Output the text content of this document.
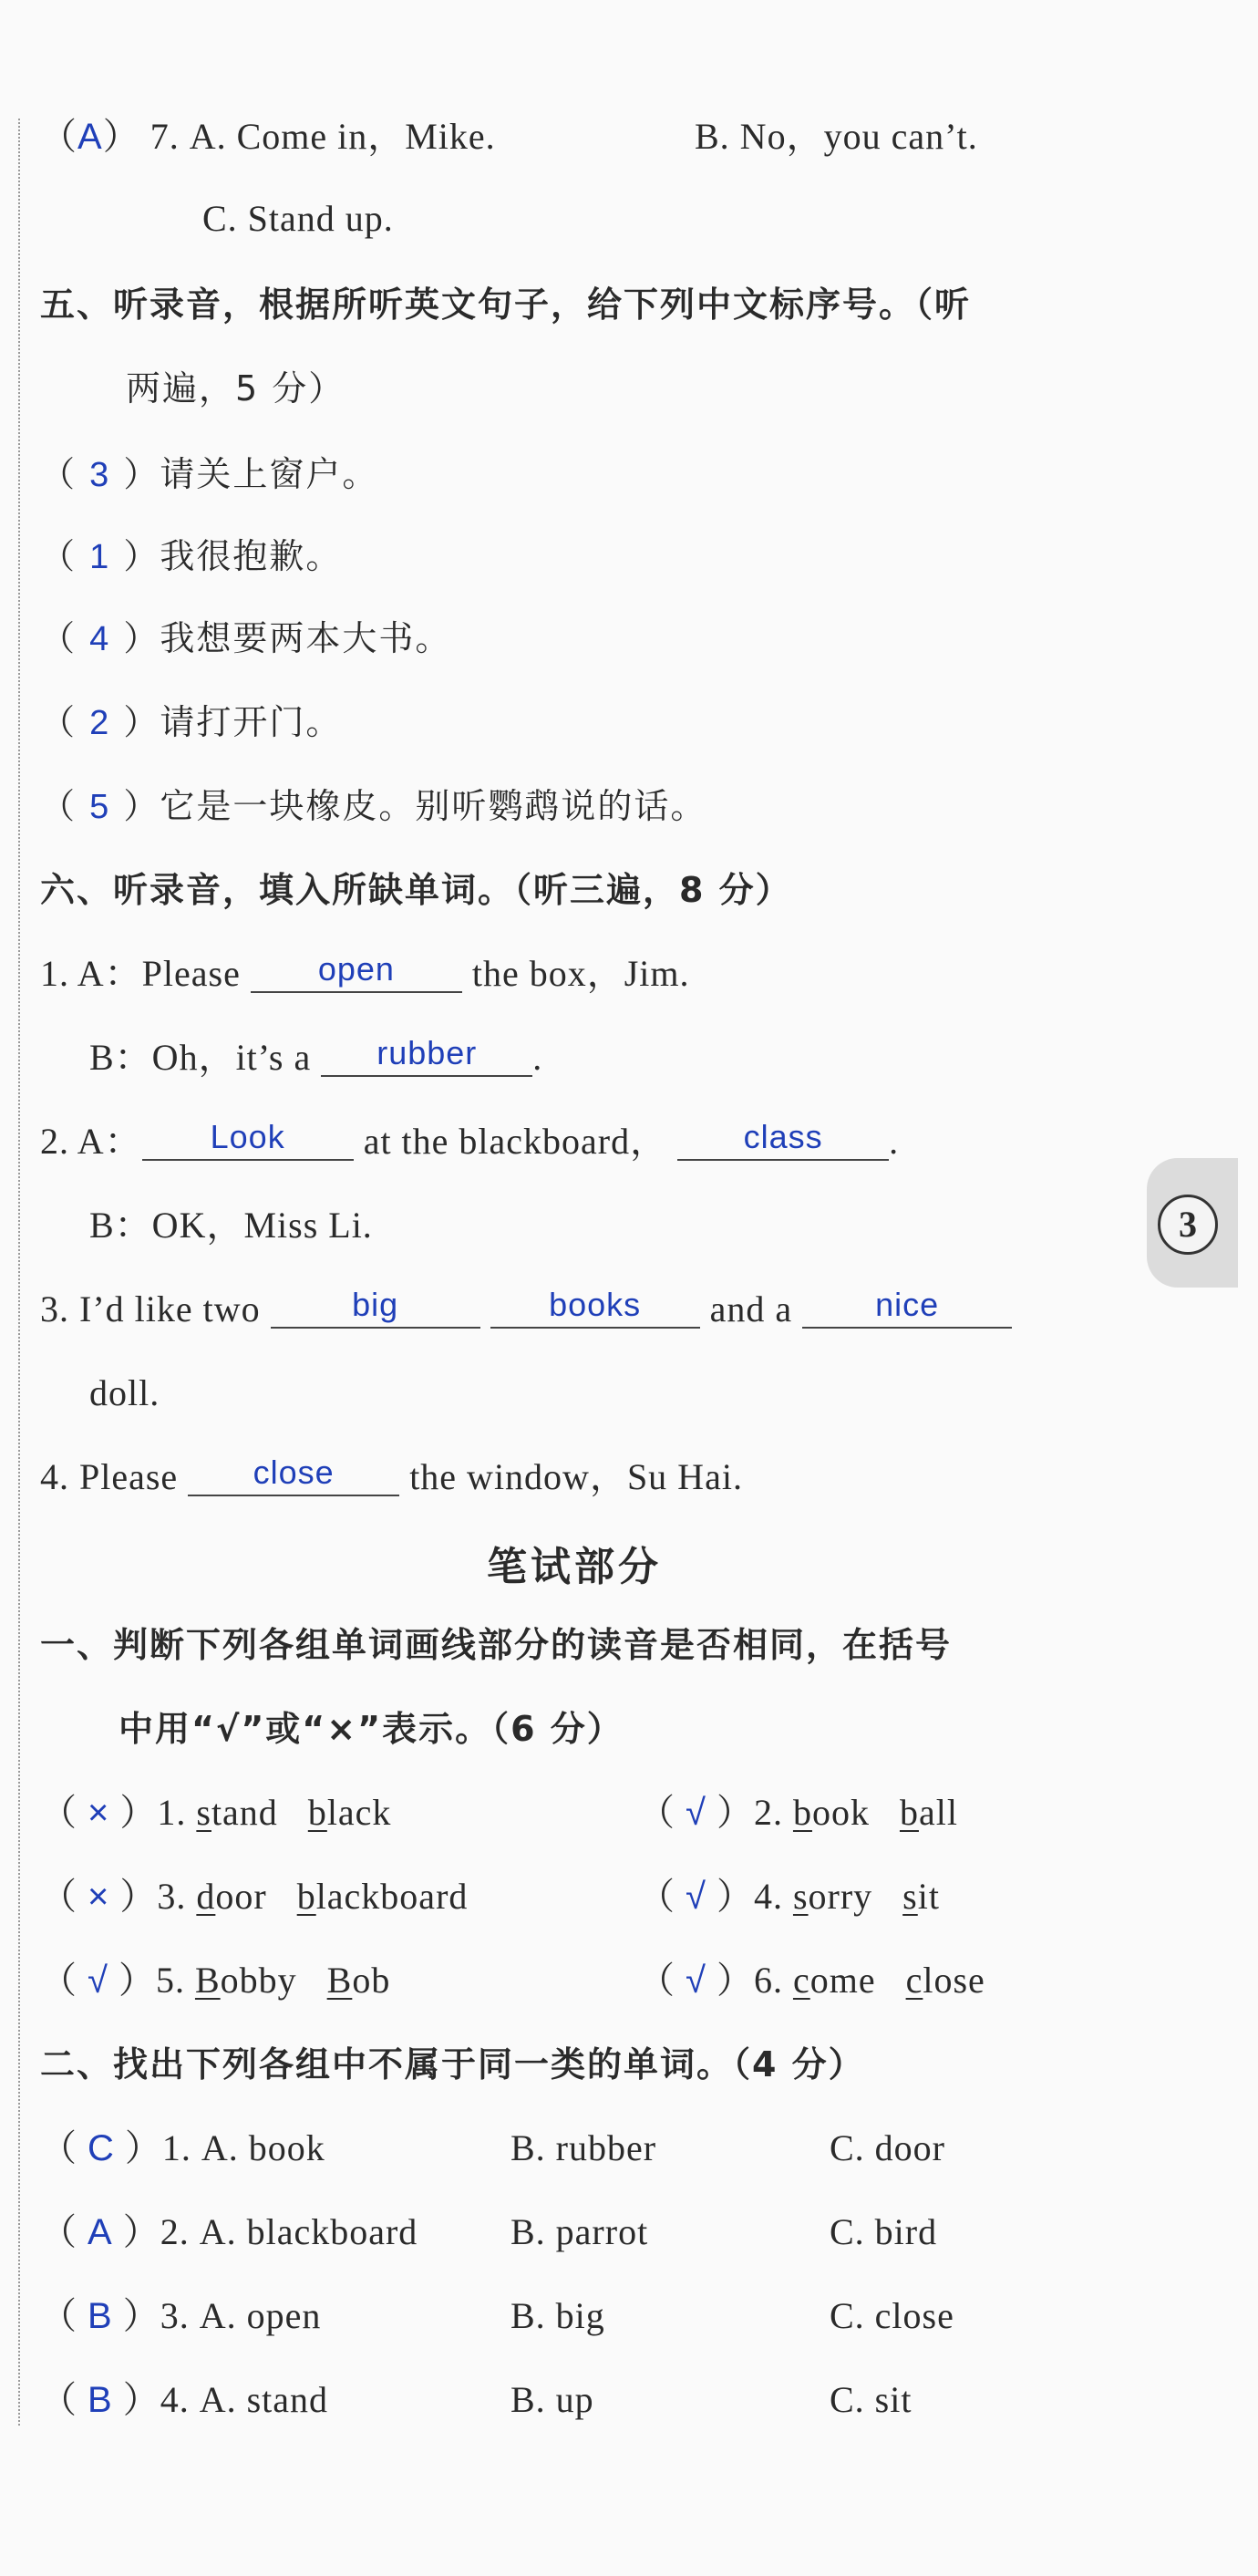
（A） 7. A. Come in，Mike.	B. No，you can’t.
C. Stand up.
五、听录音，根据所听英文句子，给下列中文标序号。（听
两遍，5 分）
（ 3 ）请关上窗户。
（ 1 ）我很抱歉。
（ 4 ）我想要两本大书。
（ 2 ）请打开门。
（ 5 ）它是一块橡皮。别听鹦鹉说的话。
六、听录音，填入所缺单词。（听三遍，8 分）
1. A：Please open the box，Jim.
B：Oh，it’s a rubber .
2. A： Look at the blackboard， class .
B：OK，Miss Li.
3. I’d like two	big	books and a	nice
doll.
4. Please close the window，Su Hai.
笔试部分
一、判断下列各组单词画线部分的读音是否相同，在括号
中用“√”或“×”表示。（6 分）
（ × ）1. stand black	（ √ ）2. book ball
（ × ）3. door blackboard	（ √ ）4. sorry sit
（ √ ）5. Bobby Bob	（ √ ）6. come close
二、找出下列各组中不属于同一类的单词。（4 分）
（ C ）1. A. book	B. rubber	C. door
（ A ）2. A. blackboard	B. parrot	C. bird
（ B ）3. A. open	B. big	C. close
（ B ）4. A. stand	B. up	C. sit
3
